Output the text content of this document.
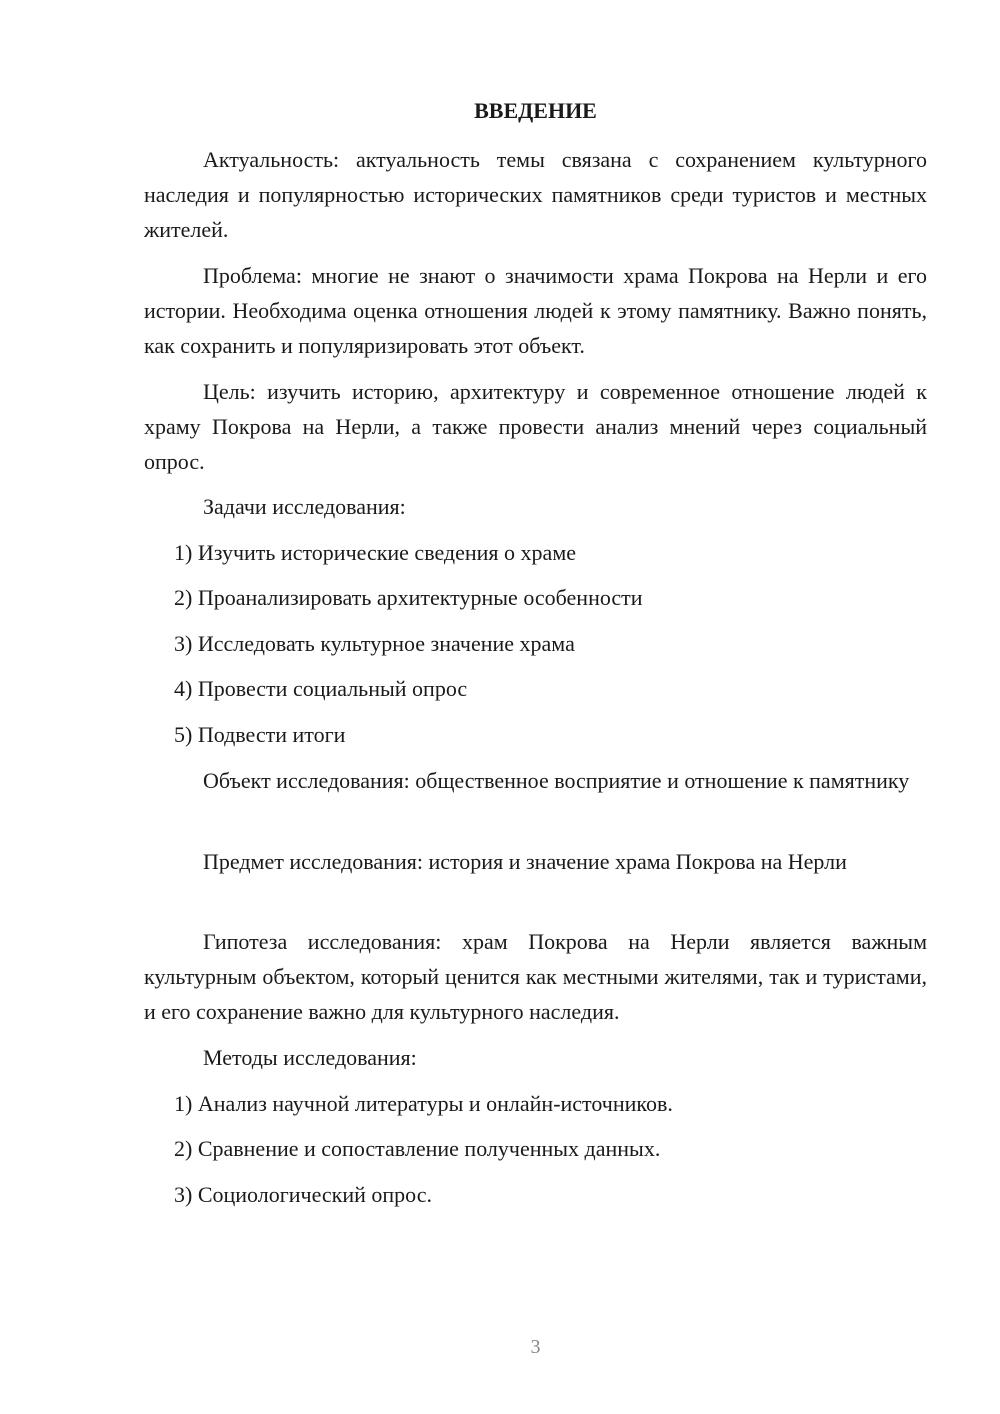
ВВЕДЕНИЕ

Актуальность: актуальность темы связана с сохранением культурного наследия и популярностью исторических памятников среди туристов и местных жителей.

Проблема: многие не знают о значимости храма Покрова на Нерли и его истории. Необходима оценка отношения людей к этому памятнику. Важно понять, как сохранить и популяризировать этот объект.

Цель: изучить историю, архитектуру и современное отношение людей к храму Покрова на Нерли, а также провести анализ мнений через социальный опрос.

Задачи исследования:

1) Изучить исторические сведения о храме

2) Проанализировать архитектурные особенности

3) Исследовать культурное значение храма

4) Провести социальный опрос

5) Подвести итоги

Объект исследования: общественное восприятие и отношение к памятнику

Предмет исследования: история и значение храма Покрова на Нерли

Гипотеза исследования: храм Покрова на Нерли является важным культурным объектом, который ценится как местными жителями, так и туристами, и его сохранение важно для культурного наследия.

Методы исследования:

1) Анализ научной литературы и онлайн-источников.

2) Сравнение и сопоставление полученных данных.

3) Социологический опрос.

3
